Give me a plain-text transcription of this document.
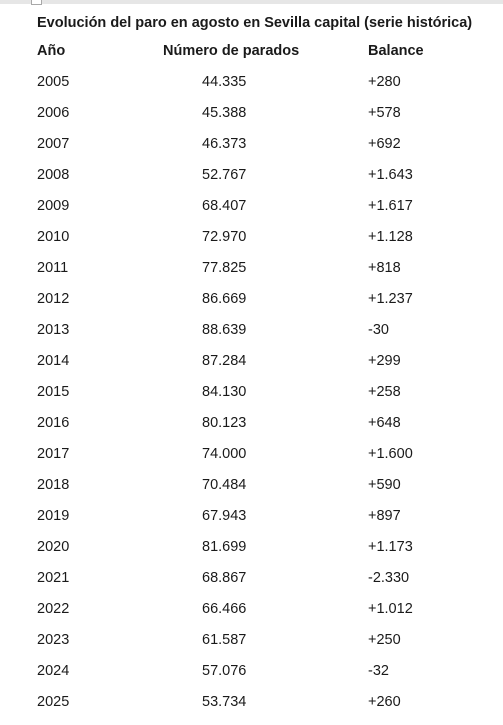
Evolución del paro en agosto en Sevilla capital (serie histórica)

Año	Número de parados	Balance
2005	44.335	+280
2006	45.388	+578
2007	46.373	+692
2008	52.767	+1.643
2009	68.407	+1.617
2010	72.970	+1.128
2011	77.825	+818
2012	86.669	+1.237
2013	88.639	-30
2014	87.284	+299
2015	84.130	+258
2016	80.123	+648
2017	74.000	+1.600
2018	70.484	+590
2019	67.943	+897
2020	81.699	+1.173
2021	68.867	-2.330
2022	66.466	+1.012
2023	61.587	+250
2024	57.076	-32
2025	53.734	+260
